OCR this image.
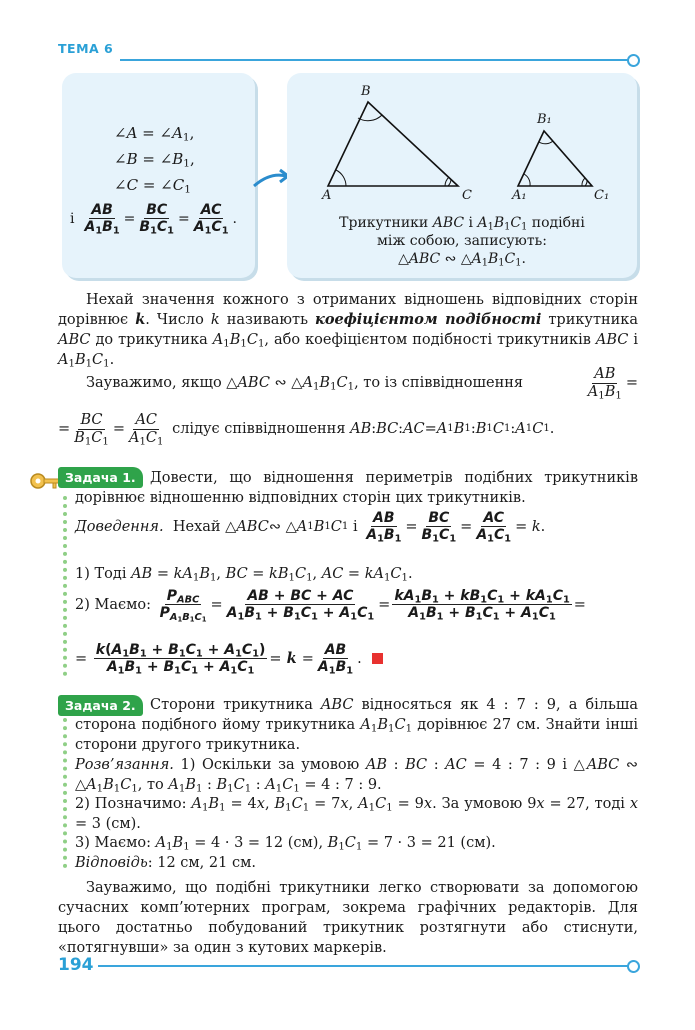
ТЕМА 6
∠A = $\angle A_1$,
∠B = $\angle B_1$,
∠C = $\angle C_1$
і $\frac{AB}{A_1B_1} = \frac{BC}{B_1C_1} = \frac{AC}{A_1C_1}$ .
A
B
C	A₁
B₁
C₁
Трикутники ABC і $A_1B_1C_1$ подібні
між собою, записують:
△ABC ∾ $\triangle A_1B_1C_1$.
Нехай значення кожного з отриманих відношень відповідних сторін дорівнює k. Число k називають коефіцієнтом подібності трикутника ABC до трикутника $A_1B_1C_1$, або коефіцієнтом подібності трикутників ABC і $A_1B_1C_1$.
Зауважимо, якщо △ABC ∾ $\triangle A_1B_1C_1$, то із співвідношення	$\frac{AB}{A_1B_1}$ =
= $\frac{BC}{B_1C_1} = \frac{AC}{A_1C_1}$ слідує співвідношення AB : BC : AC = A 1 B 1 : B 1 C 1 : A 1 C 1 .
Задача 1. Довести, що відношення периметрів подібних трикутників дорівнює відношенню відповідних сторін цих трикутників.
Доведення. Нехай △ ABC ∾ △ A 1 B 1 C 1 і $\frac{AB}{A_1B_1} = \frac{BC}{B_1C_1} = \frac{AC}{A_1C_1} = k$ .
1) Тоді AB = $kA_1B_1$, BC = $kB_1C_1$, AC = $kA_1C_1$.
2) Маємо: $\frac{P_{ABC}}{P_{A_1B_1C_1}} = \frac{AB + BC + AC}{A_1B_1 + B_1C_1 + A_1C_1} = \frac{kA_1B_1 + kB_1C_1 + kA_1C_1}{A_1B_1 + B_1C_1 + A_1C_1}$ =
= $\frac{k(A_1B_1 + B_1C_1 + A_1C_1)}{A_1B_1 + B_1C_1 + A_1C_1} = k = \frac{AB}{A_1B_1}$ .
Задача 2. Сторони трикутника ABC відносяться як 4 : 7 : 9, а більша сторона подібного йому трикутника $A_1B_1C_1$ дорівнює 27 см. Знайти інші сторони другого трикутника.
Розв’язання. 1) Оскільки за умовою AB : BC : AC = 4 : 7 : 9 і △ABC ∾ $\triangle A_1B_1C_1$, то $A_1B_1$ : $B_1C_1$ : $A_1C_1 = 4$ : 7 : 9.
2) Позначимо: $A_1B_1 = 4x$, $B_1C_1 = 7x$, $A_1C_1 = 9x$. За умовою 9x = 27, тоді x = 3 (см).
3) Маємо: $A_1B_1 = 4 \cdot 3 = 12$ (см), $B_1C_1 = 7 \cdot 3 = 21$ (см).
Відповідь: 12 см, 21 см.
Зауважимо, що подібні трикутники легко створювати за допомогою сучасних комп’ютерних програм, зокрема графічних редакторів. Для цього достатньо побудований трикутник розтягнути або стиснути, «потягнувши» за один з кутових маркерів.
194
